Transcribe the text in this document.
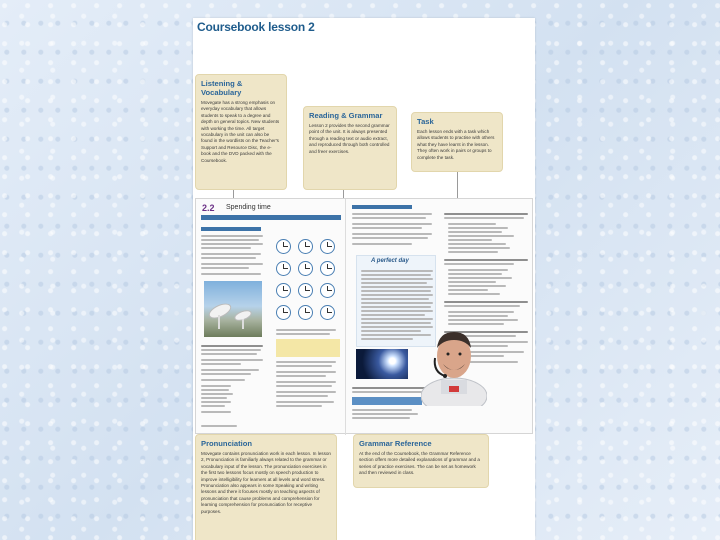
Coursebook lesson 2
Listening & Vocabulary

Movegate has a strong emphasis on everyday vocabulary that allows students to speak to a degree and depth on general topics. New students with working the time. All target vocabulary in the unit can also be found in the wordlists on the Teacher's Support and Resource Disc, the e-book and the DVD packed with the Coursebook.

Reading & Grammar

Lesson 2 provides the second grammar point of the unit. It is always presented through a reading text or audio extract, and reproduced through both controlled and freer exercises.

Task

Each lesson ends with a task which allows students to practise with others what they have learnt in the lesson. They often work in pairs or groups to complete the task.

2.2 Spending time
A perfect day
Pronunciation

Movegate contains pronunciation work in each lesson. In lesson 2, Pronunciation is familiarly always related to the grammar or vocabulary input of the lesson. The pronunciation exercises in the first two lessons focus mostly on speech production to improve intelligibility for learners at all levels and word stress. Pronunciation also appears in some Speaking and writing lessons and there it focuses mostly on teaching aspects of pronunciation that cause problems and comprehension for learning comprehension for pronunciation for receptive purposes.

Grammar Reference

At the end of the Coursebook, the Grammar Reference section offers more detailed explanations of grammar and a series of practice exercises. The can be set as homework and then reviewed in class.
